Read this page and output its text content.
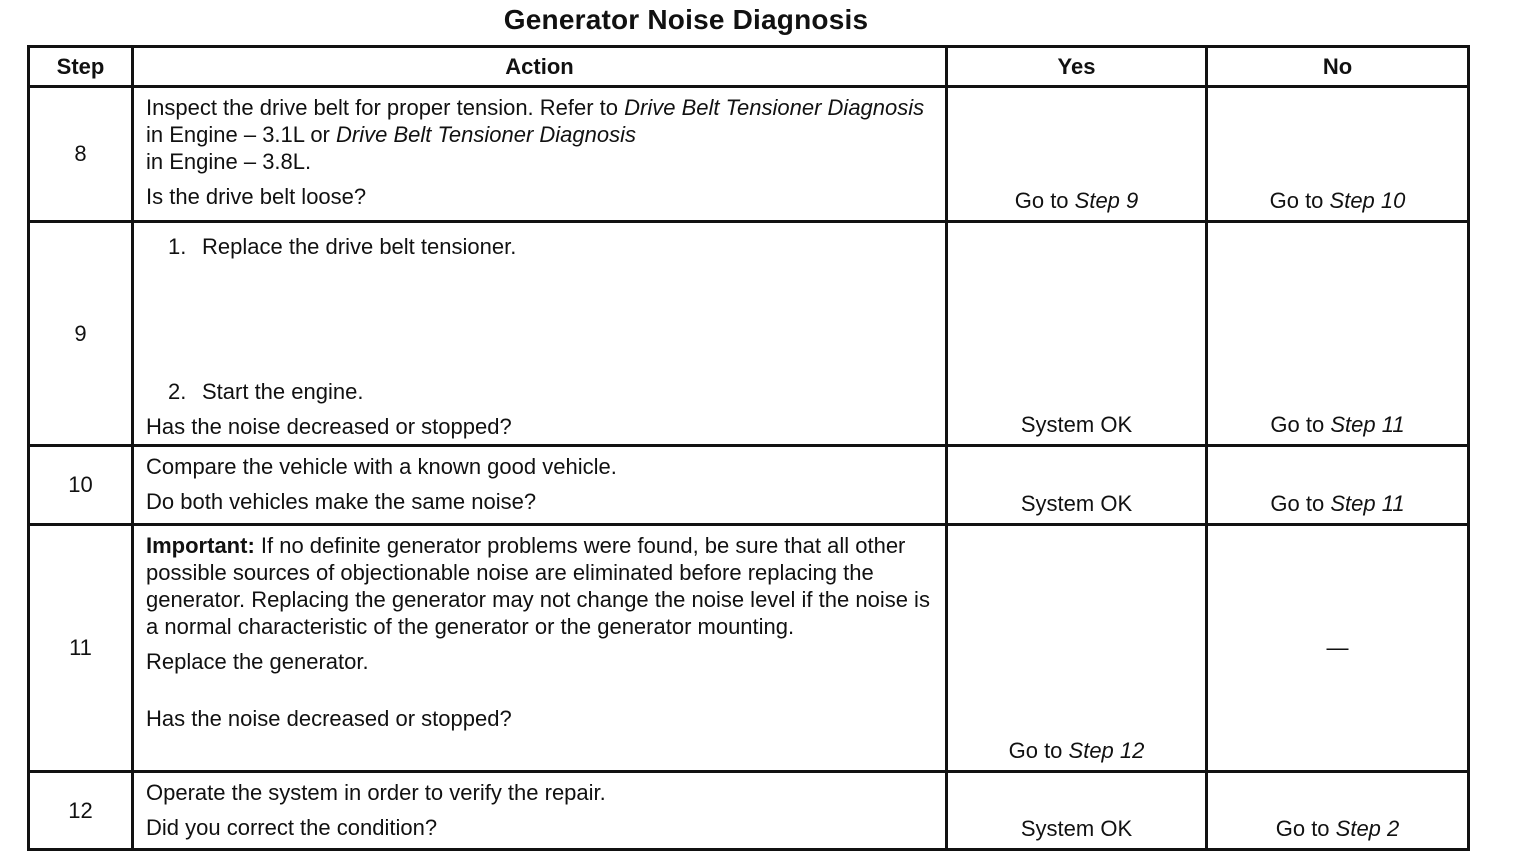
Generator Noise Diagnosis
Step	Action	Yes	No
8	Inspect the drive belt for proper tension. Refer to Drive Belt Tensioner Diagnosis in Engine – 3.1L or Drive Belt Tensioner Diagnosis
in Engine – 3.8L.
Is the drive belt loose?	Go to Step 9	Go to Step 10
9	1. Replace the drive belt tensioner.
2. Start the engine.
Has the noise decreased or stopped?	System OK	Go to Step 11
10	Compare the vehicle with a known good vehicle.
Do both vehicles make the same noise?	System OK	Go to Step 11
11	Important: If no definite generator problems were found, be sure that all other possible sources of objectionable noise are eliminated before replacing the generator. Replacing the generator may not change the noise level if the noise is a normal characteristic of the generator or the generator mounting.
Replace the generator.
Has the noise decreased or stopped?	Go to Step 12	—
12	Operate the system in order to verify the repair.
Did you correct the condition?	System OK	Go to Step 2
